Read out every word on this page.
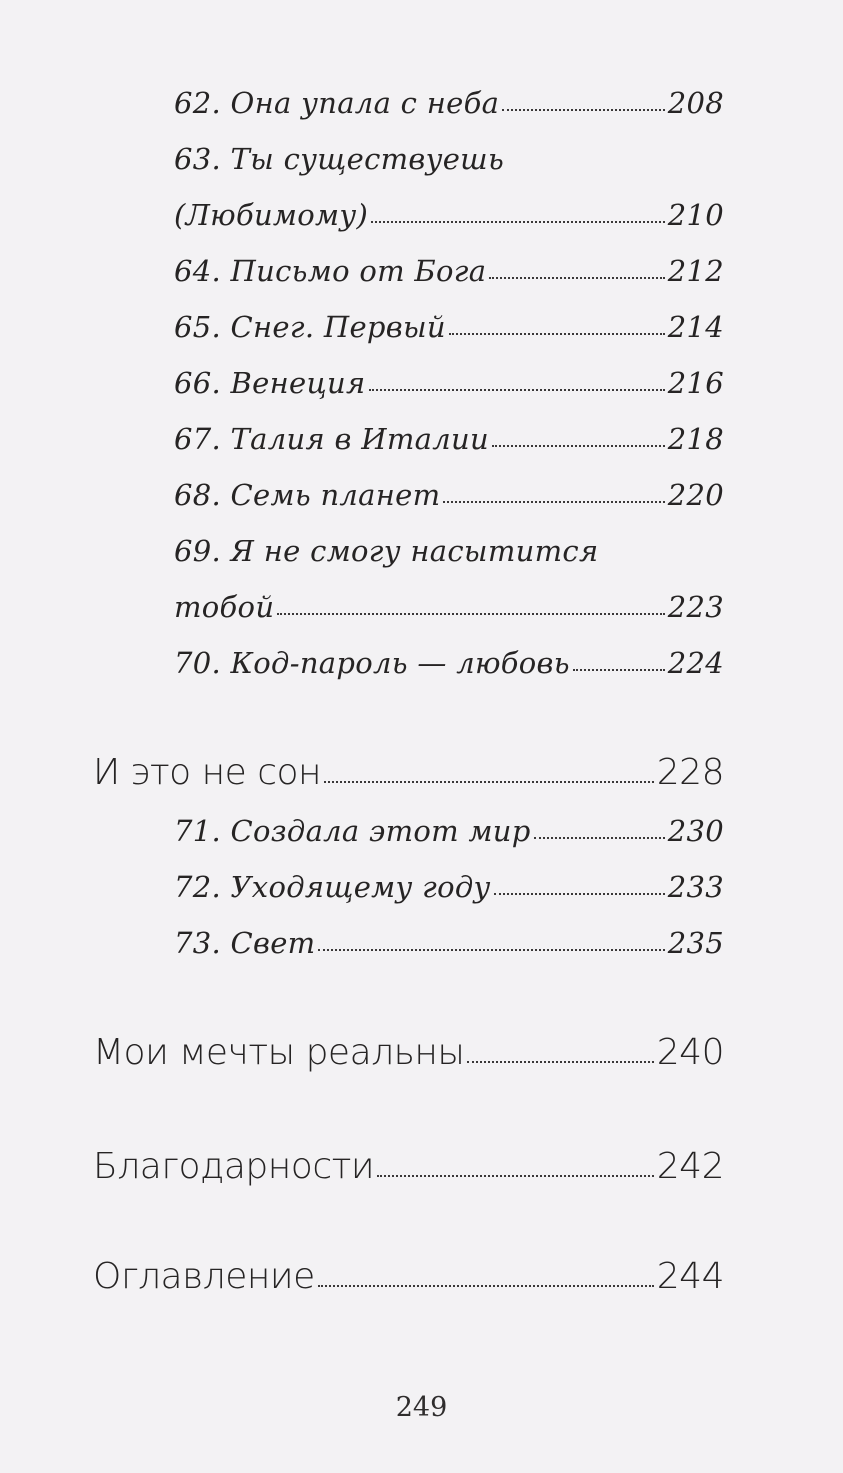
62. Она упала с неба	208
63. Ты существуешь
(Любимому)	210
64. Письмо от Бога	212
65. Снег. Первый	214
66. Венеция	216
67. Талия в Италии	218
68. Семь планет	220
69. Я не смогу насытится
тобой	223
70. Код-пароль — любовь	224
И это не сон	228
71. Создала этот мир	230
72. Уходящему году	233
73. Свет	235
Мои мечты реальны	240
Благодарности	242
Оглавление	244
249
